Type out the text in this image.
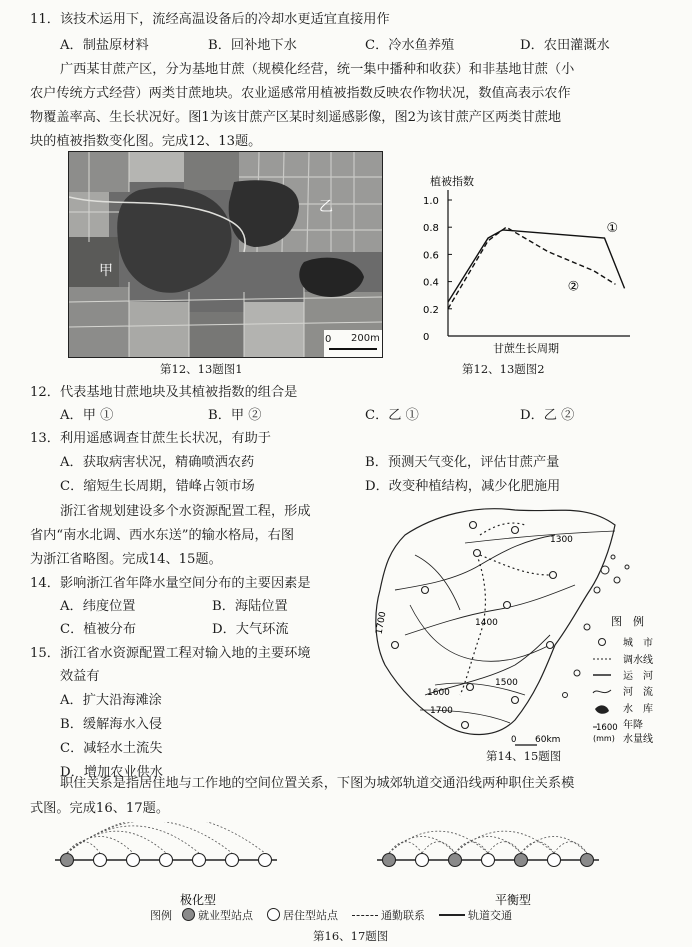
11．该技术运用下，流经高温设备后的冷却水更适宜直接用作
A．制盐原材料	B．回补地下水	C．冷水鱼养殖	D．农田灌溉水
广西某甘蔗产区，分为基地甘蔗（规模化经营，统一集中播种和收获）和非基地甘蔗（小
农户传统方式经营）两类甘蔗地块。农业遥感常用植被指数反映农作物状况，数值高表示农作
物覆盖率高、生长状况好。图1为该甘蔗产区某时刻遥感影像，图2为该甘蔗产区两类甘蔗地
块的植被指数变化图。完成12、13题。
甲
乙
0 200m
第12、13题图1
植被指数
1.0
0.8
0.6
0.4
0.2
0
①
②
甘蔗生长周期
第12、13题图2
12．代表基地甘蔗地块及其植被指数的组合是
A．甲 ①	B．甲 ②	C．乙 ①	D．乙 ②
13．利用遥感调查甘蔗生长状况，有助于
A．获取病害状况，精确喷洒农药	B．预测天气变化，评估甘蔗产量
C．缩短生长周期，错峰占领市场	D．改变种植结构，减少化肥施用
浙江省规划建设多个水资源配置工程，形成
省内“南水北调、西水东送”的输水格局，右图
为浙江省略图。完成14、15题。
14．影响浙江省年降水量空间分布的主要因素是
A．纬度位置	B．海陆位置
C．植被分布	D．大气环流
15．浙江省水资源配置工程对输入地的主要环境
效益有
A．扩大沿海滩涂
B．缓解海水入侵
C．减轻水土流失
D．增加农业供水
1300
1400
1500
1600
1700
1700
0 60km
图　例
城　市
调水线
运　河
河　流
水　库
1600 年降
(mm) 水量线
第14、15题图
职住关系是指居住地与工作地的空间位置关系，下图为城郊轨道交通沿线两种职住关系模
式图。完成16、17题。
极化型	平衡型
图例 就业型站点	居住型站点	通勤联系	轨道交通
第16、17题图
